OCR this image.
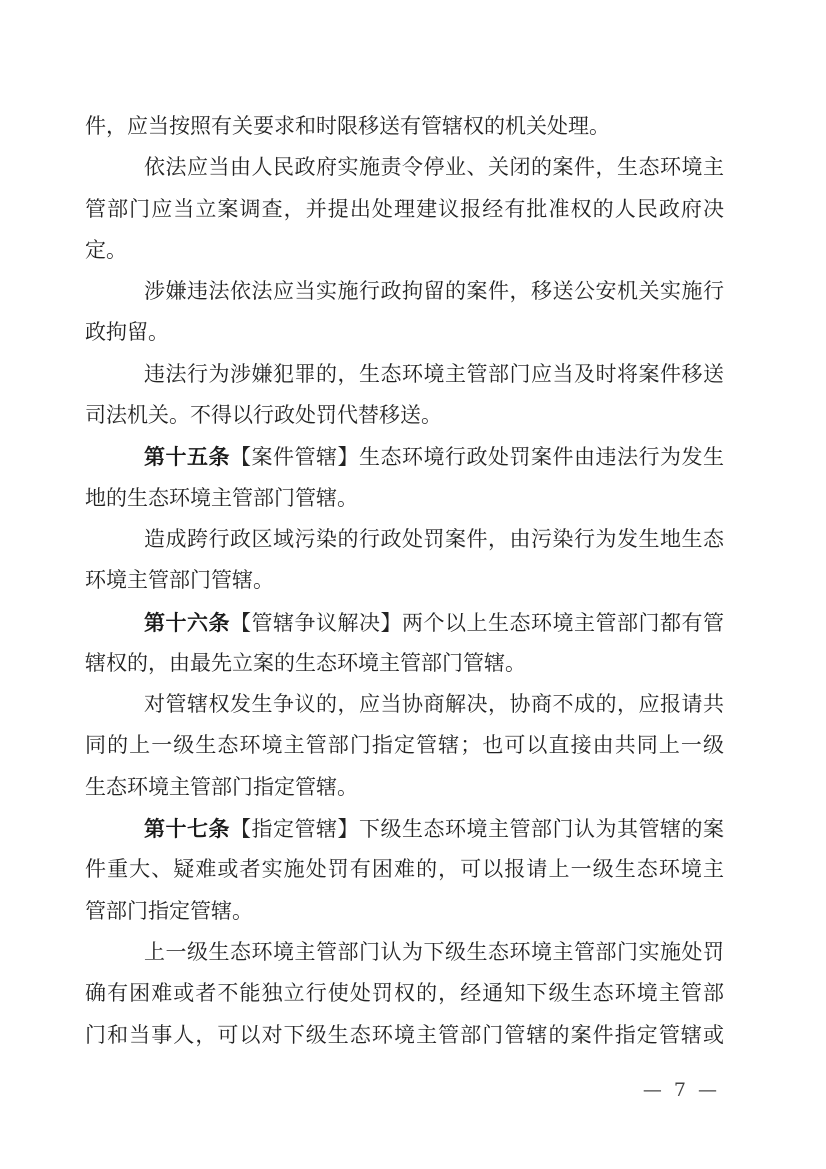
件，应当按照有关要求和时限移送有管辖权的机关处理。
依法应当由人民政府实施责令停业、关闭的案件，生态环境主
管部门应当立案调查，并提出处理建议报经有批准权的人民政府决
定。
涉嫌违法依法应当实施行政拘留的案件，移送公安机关实施行
政拘留。
违法行为涉嫌犯罪的，生态环境主管部门应当及时将案件移送
司法机关。不得以行政处罚代替移送。
第十五条【案件管辖】生态环境行政处罚案件由违法行为发生
地的生态环境主管部门管辖。
造成跨行政区域污染的行政处罚案件，由污染行为发生地生态
环境主管部门管辖。
第十六条【管辖争议解决】两个以上生态环境主管部门都有管
辖权的，由最先立案的生态环境主管部门管辖。
对管辖权发生争议的，应当协商解决，协商不成的，应报请共
同的上一级生态环境主管部门指定管辖；也可以直接由共同上一级
生态环境主管部门指定管辖。
第十七条【指定管辖】下级生态环境主管部门认为其管辖的案
件重大、疑难或者实施处罚有困难的，可以报请上一级生态环境主
管部门指定管辖。
上一级生态环境主管部门认为下级生态环境主管部门实施处罚
确有困难或者不能独立行使处罚权的，经通知下级生态环境主管部
门和当事人，可以对下级生态环境主管部门管辖的案件指定管辖或
— 7 —
